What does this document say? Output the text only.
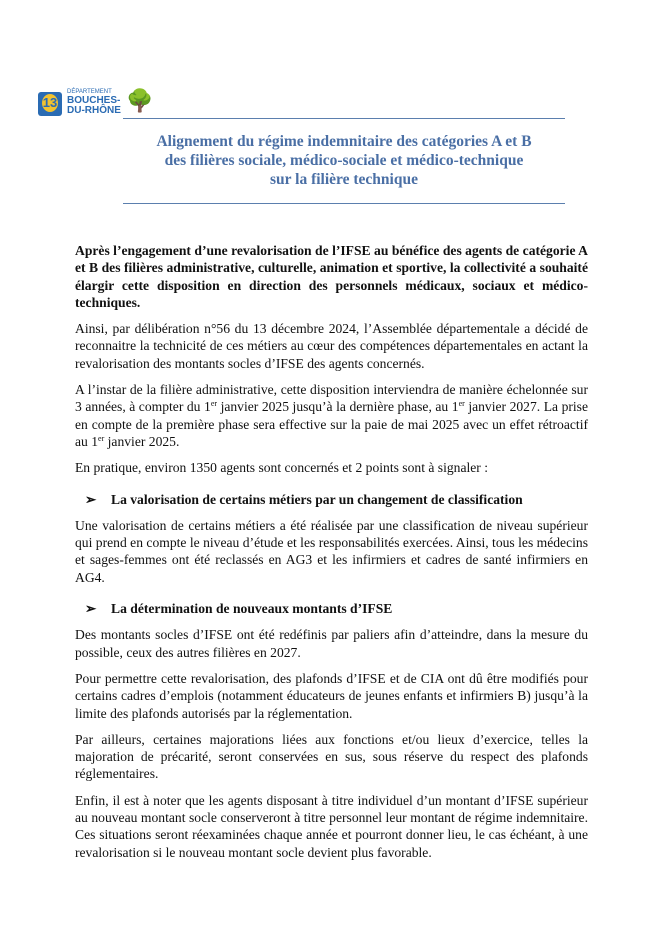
13
DÉPARTEMENT
BOUCHES-
DU-RHÔNE 🌳
Alignement du régime indemnitaire des catégories A et B
des filières sociale, médico-sociale et médico-technique
sur la filière technique

Après l’engagement d’une revalorisation de l’IFSE au bénéfice des agents de catégorie A et B des filières administrative, culturelle, animation et sportive, la collectivité a souhaité élargir cette disposition en direction des personnels médicaux, sociaux et médico-techniques.

Ainsi, par délibération n°56 du 13 décembre 2024, l’Assemblée départementale a décidé de reconnaitre la technicité de ces métiers au cœur des compétences départementales en actant la revalorisation des montants socles d’IFSE des agents concernés.

A l’instar de la filière administrative, cette disposition interviendra de manière échelonnée sur 3 années, à compter du 1er janvier 2025 jusqu’à la dernière phase, au 1er janvier 2027. La prise en compte de la première phase sera effective sur la paie de mai 2025 avec un effet rétroactif au 1er janvier 2025.

En pratique, environ 1350 agents sont concernés et 2 points sont à signaler :

➢ La valorisation de certains métiers par un changement de classification

Une valorisation de certains métiers a été réalisée par une classification de niveau supérieur qui prend en compte le niveau d’étude et les responsabilités exercées. Ainsi, tous les médecins et sages-femmes ont été reclassés en AG3 et les infirmiers et cadres de santé infirmiers en AG4.

➢ La détermination de nouveaux montants d’IFSE

Des montants socles d’IFSE ont été redéfinis par paliers afin d’atteindre, dans la mesure du possible, ceux des autres filières en 2027.

Pour permettre cette revalorisation, des plafonds d’IFSE et de CIA ont dû être modifiés pour certains cadres d’emplois (notamment éducateurs de jeunes enfants et infirmiers B) jusqu’à la limite des plafonds autorisés par la réglementation.

Par ailleurs, certaines majorations liées aux fonctions et/ou lieux d’exercice, telles la majoration de précarité, seront conservées en sus, sous réserve du respect des plafonds réglementaires.

Enfin, il est à noter que les agents disposant à titre individuel d’un montant d’IFSE supérieur au nouveau montant socle conserveront à titre personnel leur montant de régime indemnitaire. Ces situations seront réexaminées chaque année et pourront donner lieu, le cas échéant, à une revalorisation si le nouveau montant socle devient plus favorable.
